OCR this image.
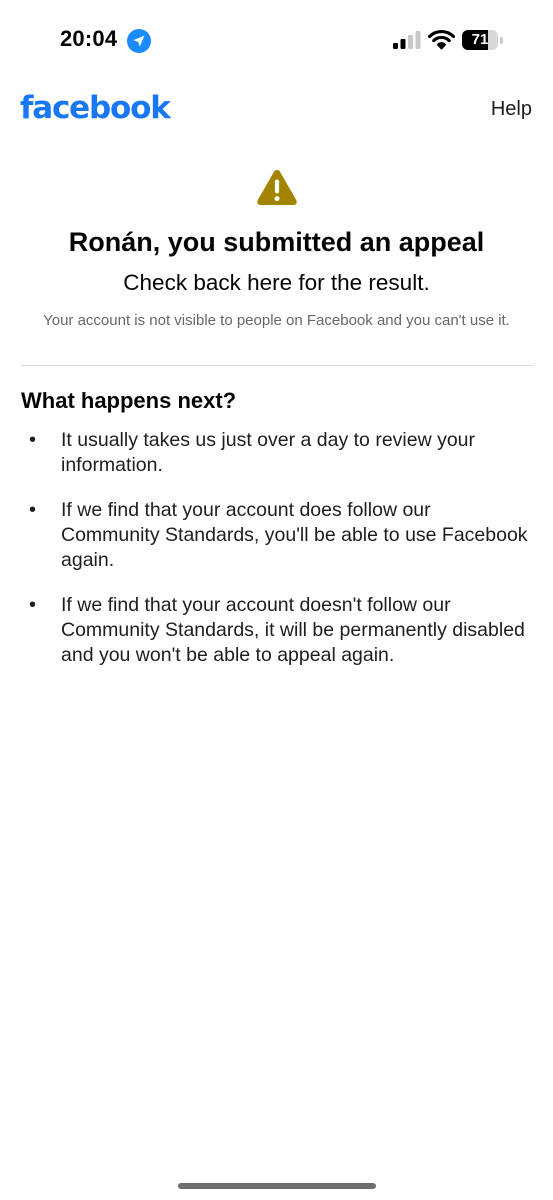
20:04	71
facebook	Help
Ronán, you submitted an appeal
Check back here for the result.
Your account is not visible to people on Facebook and you can't use it.
What happens next?
• It usually takes us just over a day to review your information.
• If we find that your account does follow our Community Standards, you'll be able to use Facebook again.
• If we find that your account doesn't follow our Community Standards, it will be permanently disabled and you won't be able to appeal again.
